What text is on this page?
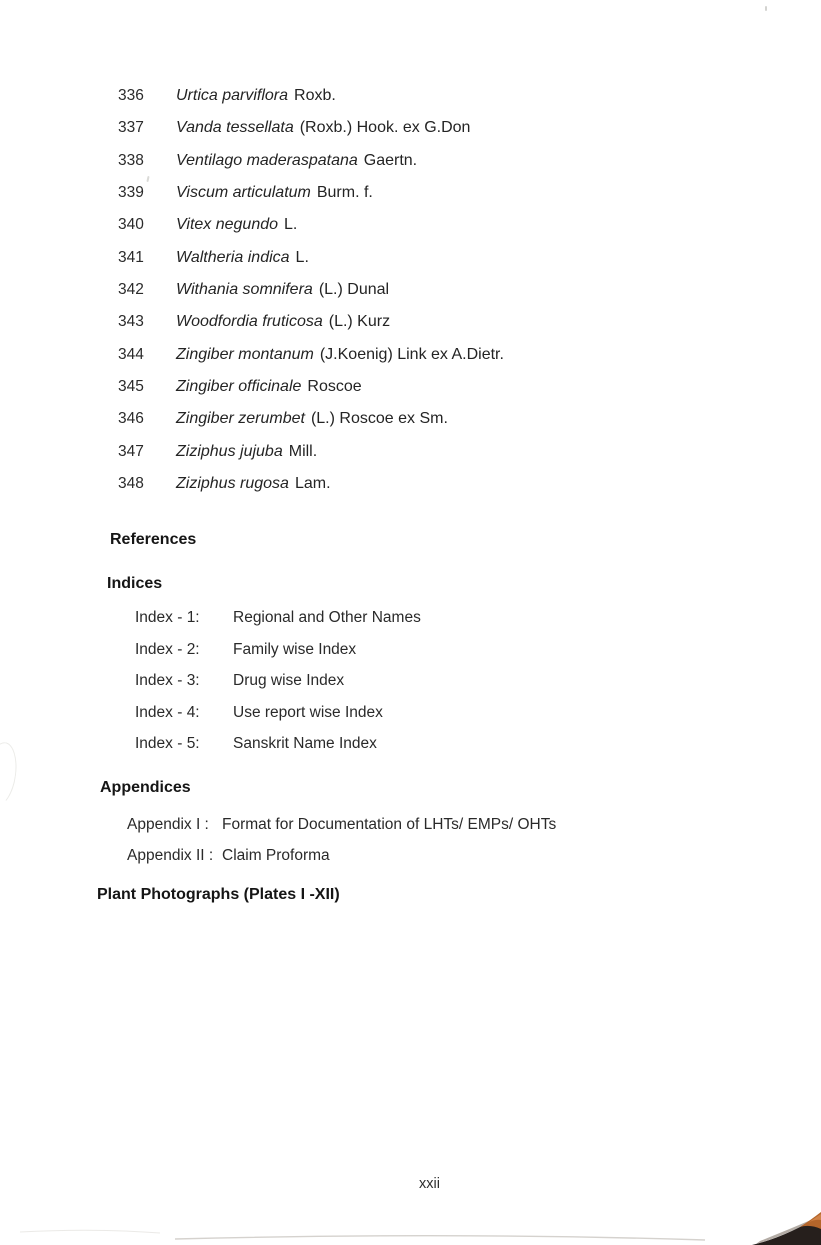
336 Urtica parviflora Roxb.
337 Vanda tessellata (Roxb.) Hook. ex G.Don
338 Ventilago maderaspatana Gaertn.
339 Viscum articulatum Burm. f.
340 Vitex negundo L.
341 Waltheria indica L.
342 Withania somnifera (L.) Dunal
343 Woodfordia fruticosa (L.) Kurz
344 Zingiber montanum (J.Koenig) Link ex A.Dietr.
345 Zingiber officinale Roscoe
346 Zingiber zerumbet (L.) Roscoe ex Sm.
347 Ziziphus jujuba Mill.
348 Ziziphus rugosa Lam.
References
Indices
Index - 1: Regional and Other Names
Index - 2: Family wise Index
Index - 3: Drug wise Index
Index - 4: Use report wise Index
Index - 5: Sanskrit Name Index
Appendices
Appendix I : Format for Documentation of LHTs/ EMPs/ OHTs
Appendix II : Claim Proforma
Plant Photographs (Plates I -XII)
xxii
